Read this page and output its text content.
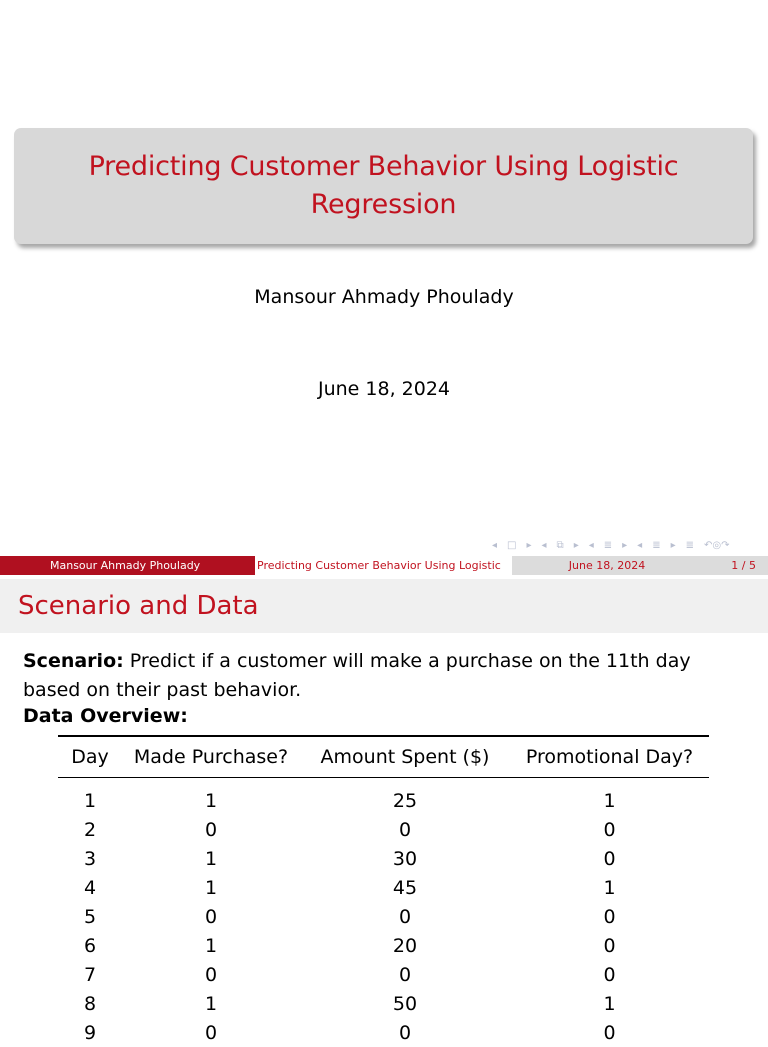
Predicting Customer Behavior Using Logistic
Regression
Mansour Ahmady Phoulady
June 18, 2024
◂ □ ▸ ◂ ⧉ ▸ ◂ ≣ ▸ ◂ ≣ ▸ ≣ ↶◎↷
Mansour Ahmady Phoulady	Predicting Customer Behavior Using Logistic	June 18, 2024	1 / 5
Scenario and Data
Scenario: Predict if a customer will make a purchase on the 11th day based on their past behavior.
Data Overview:
Day	Made Purchase?	Amount Spent ($)	Promotional Day?
1	1	25	1
2	0	0	0
3	1	30	0
4	1	45	1
5	0	0	0
6	1	20	0
7	0	0	0
8	1	50	1
9	0	0	0
